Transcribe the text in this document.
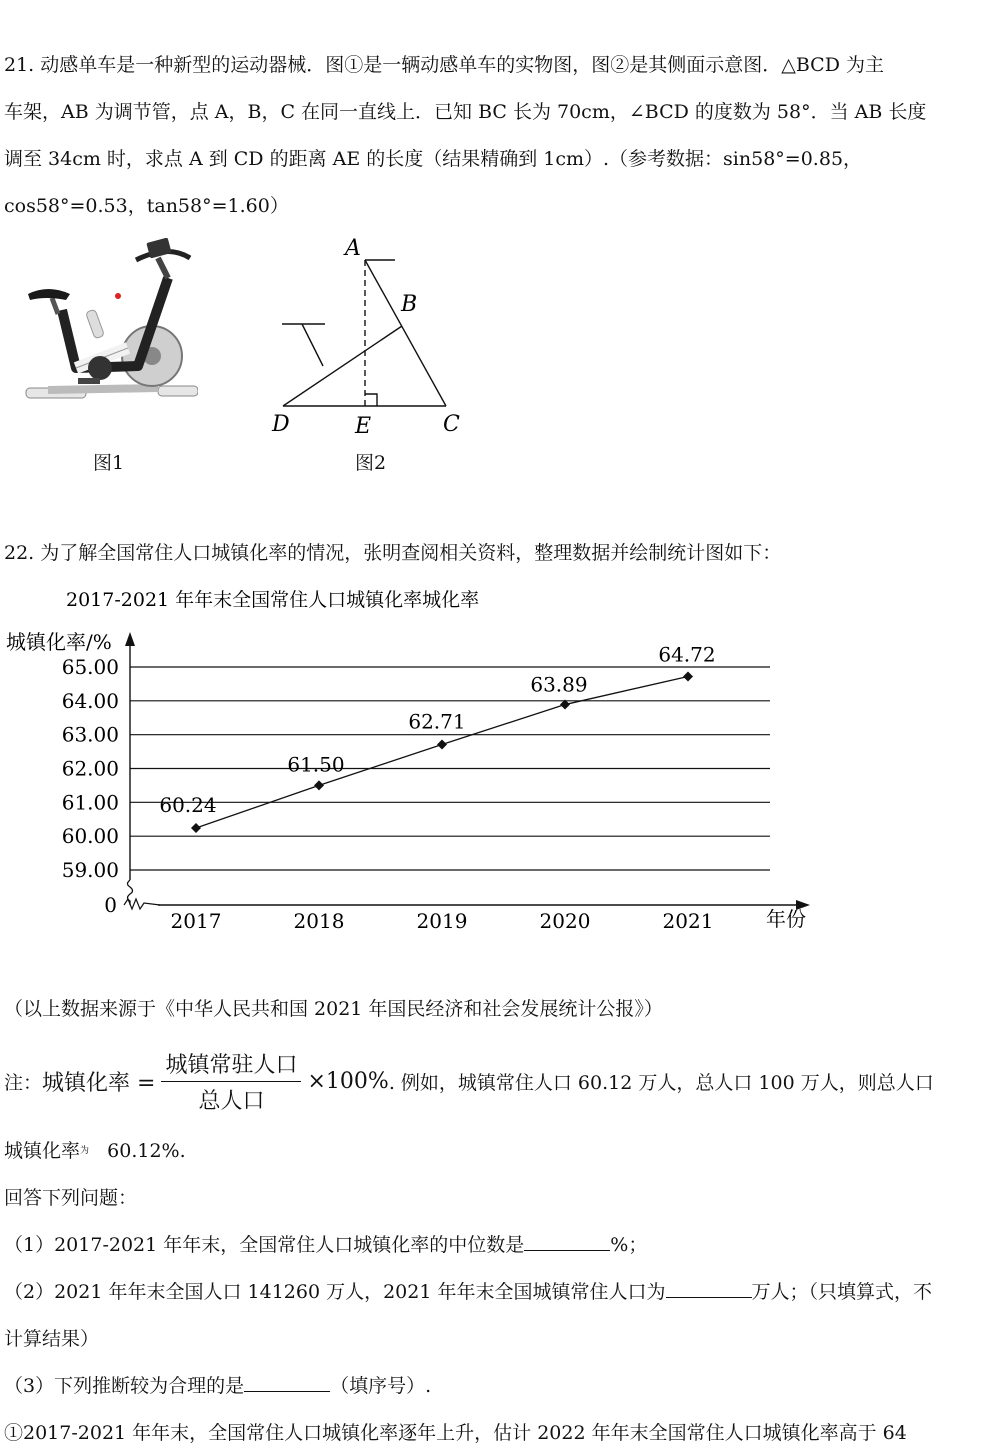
21. 动感单车是一种新型的运动器械．图①是一辆动感单车的实物图，图②是其侧面示意图．△BCD 为主
车架，AB 为调节管，点 A，B，C 在同一直线上．已知 BC 长为 70cm，∠BCD 的度数为 58°．当 AB 长度
调至 34cm 时，求点 A 到 CD 的距离 AE 的长度（结果精确到 1cm）.（参考数据：sin58°=0.85，
cos58°=0.53，tan58°=1.60）
图1
A
B
D	E	C
图2
22. 为了解全国常住人口城镇化率的情况，张明查阅相关资料，整理数据并绘制统计图如下：
2017-2021 年年末全国常住人口城镇化率城化率
城镇化率/%
65.00
64.00
63.00
62.00
61.00
60.00
59.00
0
年份
2017	2018	2019	2020	2021
60.24
61.50
62.71
63.89
64.72
（以上数据来源于《中华人民共和国 2021 年国民经济和社会发展统计公报》）
注： 城镇化率 = $\frac{\text{城镇常驻人口}}{\text{总人口}} \times 100\%$ . 例如，城镇常住人口 60.12 万人，总人口 100 万人，则总人口
城镇化率$^为$ 60.12%.
回答下列问题：
（1）2017-2021 年年末，全国常住人口城镇化率的中位数是	%；
（2）2021 年年末全国人口 141260 万人，2021 年年末全国城镇常住人口为	万人；（只填算式，不
计算结果）
（3）下列推断较为合理的是	（填序号）.
①2017-2021 年年末，全国常住人口城镇化率逐年上升，估计 2022 年年末全国常住人口城镇化率高于 64
